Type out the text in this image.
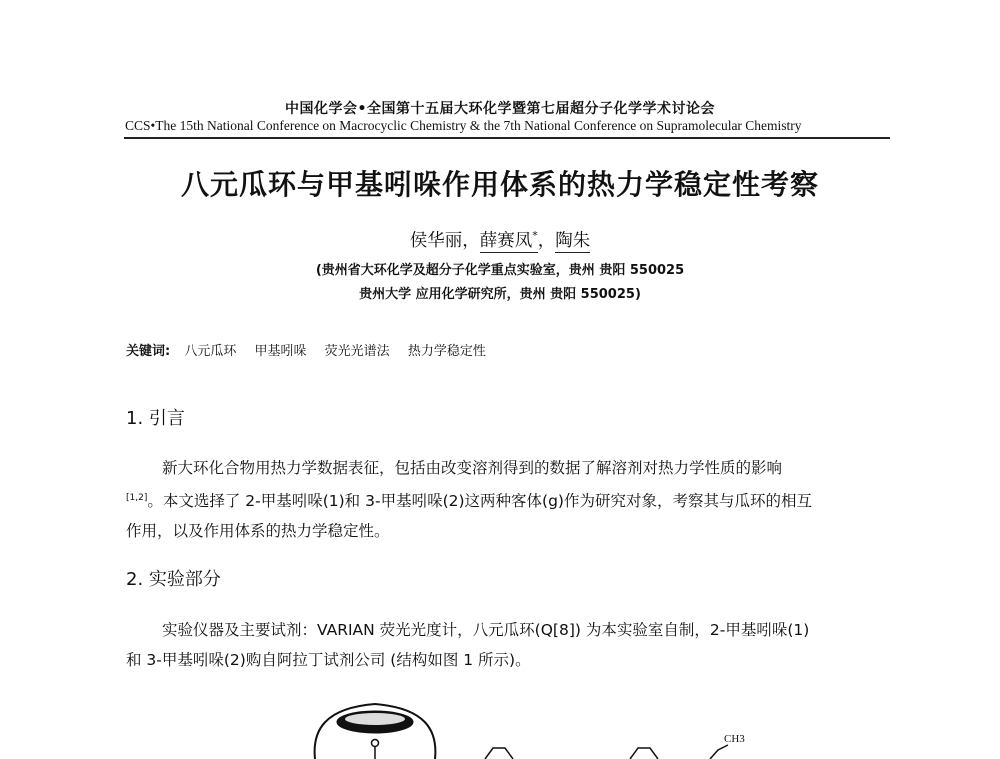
中国化学会•全国第十五届大环化学暨第七届超分子化学学术讨论会
CCS•The 15th National Conference on Macrocyclic Chemistry & the 7th National Conference on Supramolecular Chemistry
八元瓜环与甲基吲哚作用体系的热力学稳定性考察
侯华丽，薛赛凤*，陶朱
(贵州省大环化学及超分子化学重点实验室，贵州 贵阳 550025
贵州大学 应用化学研究所，贵州 贵阳 550025)
关键词: 八元瓜环 甲基吲哚 荧光光谱法 热力学稳定性
1. 引言
新大环化合物用热力学数据表征，包括由改变溶剂得到的数据了解溶剂对热力学性质的影响
[1,2]。本文选择了 2-甲基吲哚(1)和 3-甲基吲哚(2)这两种客体(g)作为研究对象，考察其与瓜环的相互
作用，以及作用体系的热力学稳定性。
2. 实验部分
实验仪器及主要试剂：VARIAN 荧光光度计，八元瓜环(Q[8]) 为本实验室自制，2-甲基吲哚(1)
和 3-甲基吲哚(2)购自阿拉丁试剂公司 (结构如图 1 所示)。
CH3
